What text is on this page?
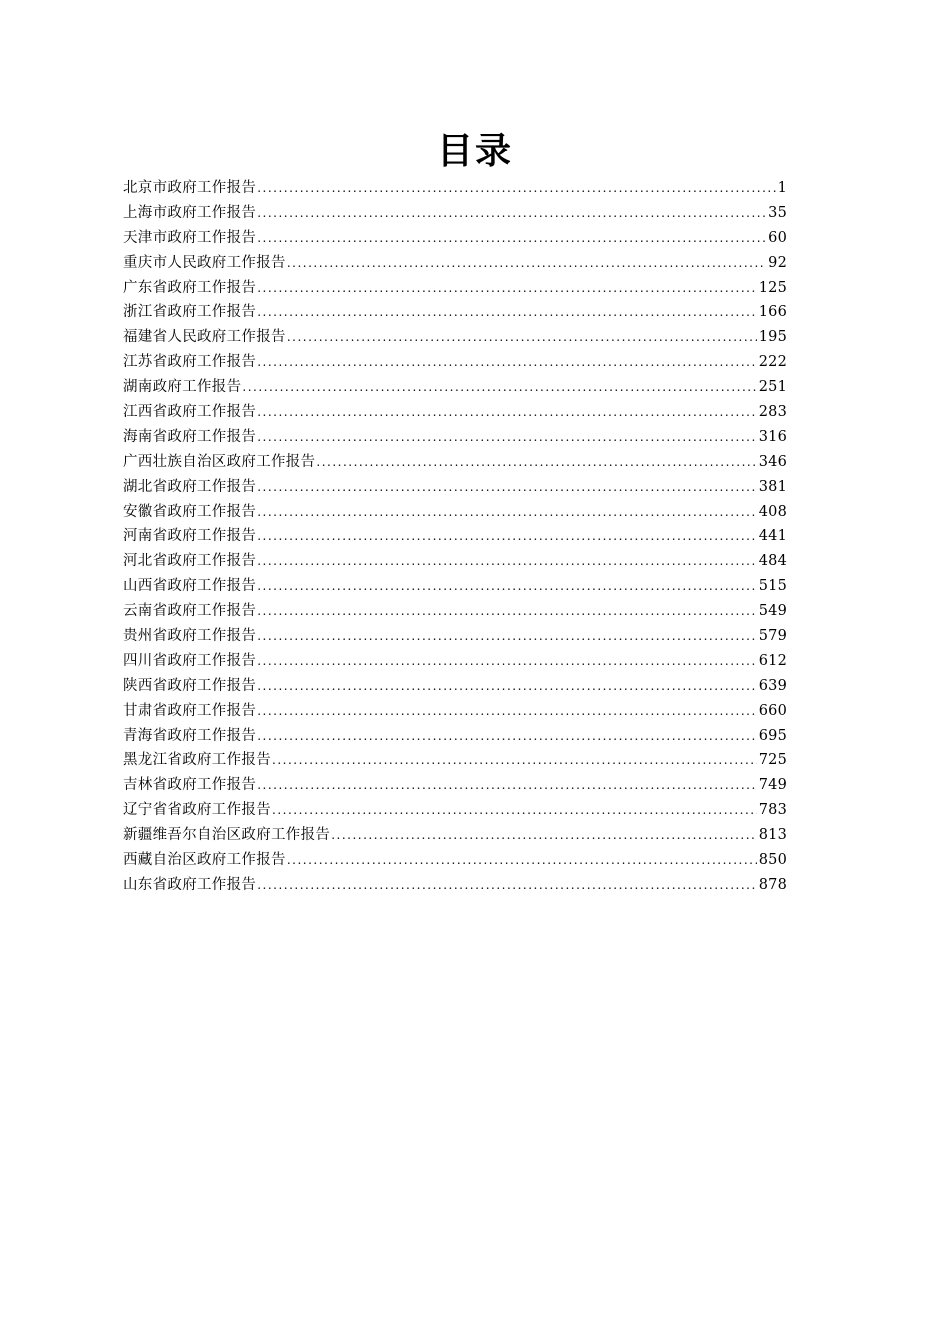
目录
北京市政府工作报告 .....	1
上海市政府工作报告 .....	35
天津市政府工作报告 .....	60
重庆市人民政府工作报告 .....	92
广东省政府工作报告 .....	125
浙江省政府工作报告 .....	166
福建省人民政府工作报告 .....	195
江苏省政府工作报告 .....	222
湖南政府工作报告 .....	251
江西省政府工作报告 .....	283
海南省政府工作报告 .....	316
广西壮族自治区政府工作报告 .....	346
湖北省政府工作报告 .....	381
安徽省政府工作报告 .....	408
河南省政府工作报告 .....	441
河北省政府工作报告 .....	484
山西省政府工作报告 .....	515
云南省政府工作报告 .....	549
贵州省政府工作报告 .....	579
四川省政府工作报告 .....	612
陕西省政府工作报告 .....	639
甘肃省政府工作报告 .....	660
青海省政府工作报告 .....	695
黑龙江省政府工作报告 .....	725
吉林省政府工作报告 .....	749
辽宁省省政府工作报告 .....	783
新疆维吾尔自治区政府工作报告 .....	813
西藏自治区政府工作报告 .....	850
山东省政府工作报告 .....	878
